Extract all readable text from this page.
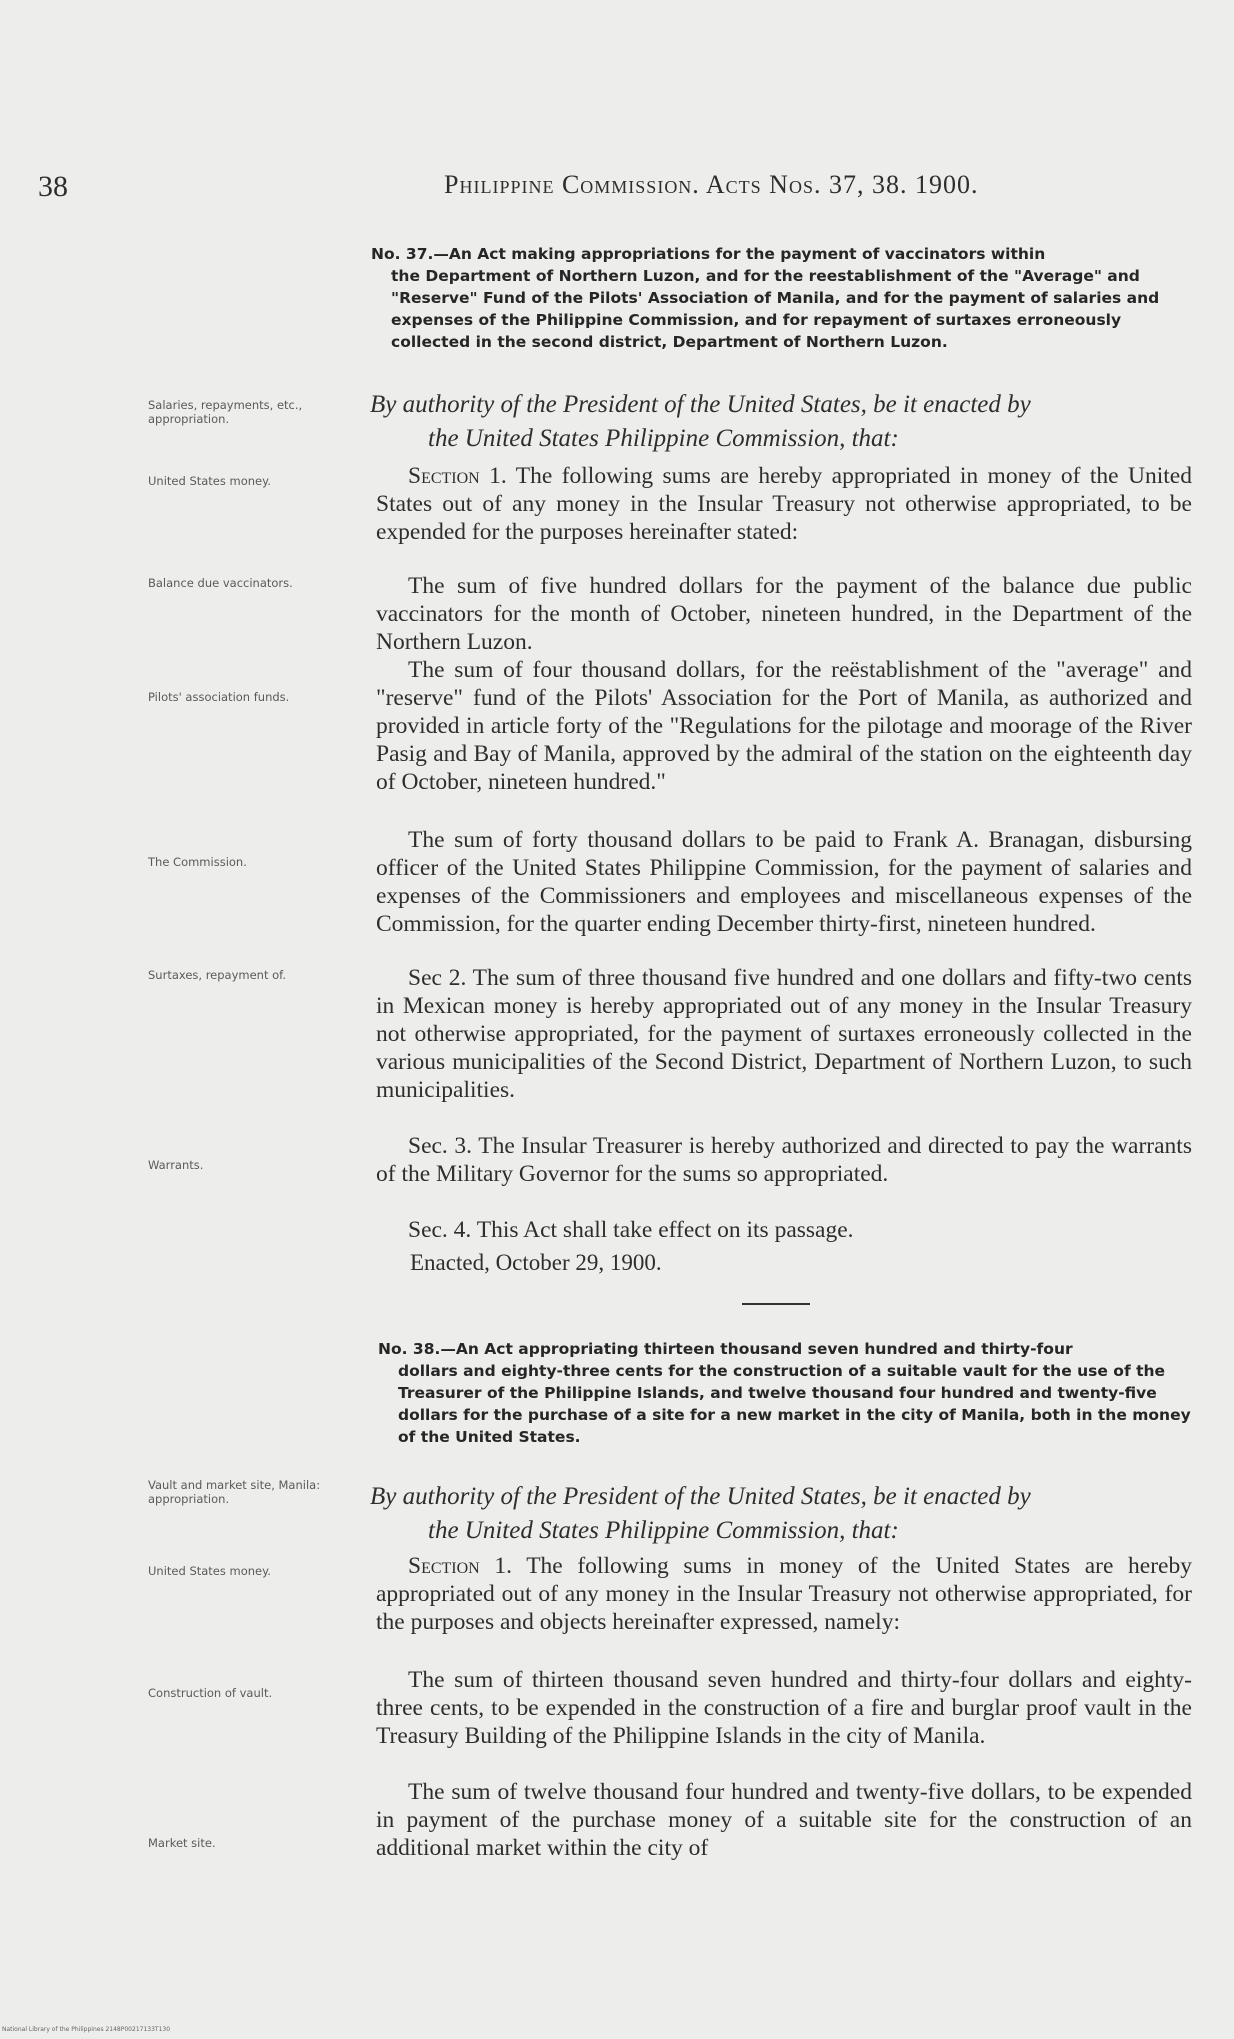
38	Philippine Commission. Acts Nos. 37, 38. 1900.
No. 37.—An Act making appropriations for the payment of vaccinators within
the Department of Northern Luzon, and for the reestablishment of the "Average" and "Reserve" Fund of the Pilots' Association of Manila, and for the payment of salaries and expenses of the Philippine Commission, and for repayment of surtaxes erroneously collected in the second district, Department of Northern Luzon.
Salaries, repayments, etc., appropriation.
By authority of the President of the United States, be it enacted by
the United States Philippine Commission, that:
United States money.	Section 1. The following sums are hereby appropriated in money of the United States out of any money in the Insular Treasury not otherwise appropriated, to be expended for the purposes hereinafter stated:

Balance due vaccinators.	The sum of five hundred dollars for the payment of the balance due public vaccinators for the month of October, nineteen hundred, in the Department of the Northern Luzon.

Pilots' association funds.

The sum of four thousand dollars, for the reëstablishment of the "average" and "reserve" fund of the Pilots' Association for the Port of Manila, as authorized and provided in article forty of the "Regulations for the pilotage and moorage of the River Pasig and Bay of Manila, approved by the admiral of the station on the eighteenth day of October, nineteen hundred."

The Commission.

The sum of forty thousand dollars to be paid to Frank A. Branagan, disbursing officer of the United States Philippine Commission, for the payment of salaries and expenses of the Commissioners and employees and miscellaneous expenses of the Commission, for the quarter ending December thirty-first, nineteen hundred.

Surtaxes, repayment of.	Sec 2. The sum of three thousand five hundred and one dollars and fifty-two cents in Mexican money is hereby appropriated out of any money in the Insular Treasury not otherwise appropriated, for the payment of surtaxes erroneously collected in the various municipalities of the Second District, Department of Northern Luzon, to such municipalities.

Warrants.

Sec. 3. The Insular Treasurer is hereby authorized and directed to pay the warrants of the Military Governor for the sums so appropriated.

Sec. 4. This Act shall take effect on its passage.

Enacted, October 29, 1900.
No. 38.—An Act appropriating thirteen thousand seven hundred and thirty-four
dollars and eighty-three cents for the construction of a suitable vault for the use of the Treasurer of the Philippine Islands, and twelve thousand four hundred and twenty-five dollars for the purchase of a site for a new market in the city of Manila, both in the money of the United States.
Vault and market site, Manila: appropriation.	By authority of the President of the United States, be it enacted by
the United States Philippine Commission, that:
United States money.	Section 1. The following sums in money of the United States are hereby appropriated out of any money in the Insular Treasury not otherwise appropriated, for the purposes and objects hereinafter expressed, namely:

Construction of vault.	The sum of thirteen thousand seven hundred and thirty-four dollars and eighty-three cents, to be expended in the construction of a fire and burglar proof vault in the Treasury Building of the Philippine Islands in the city of Manila.

Market site.

The sum of twelve thousand four hundred and twenty-five dollars, to be expended in payment of the purchase money of a suitable site for the construction of an additional market within the city of

National Library of the Philippines 2148P00217133T130
